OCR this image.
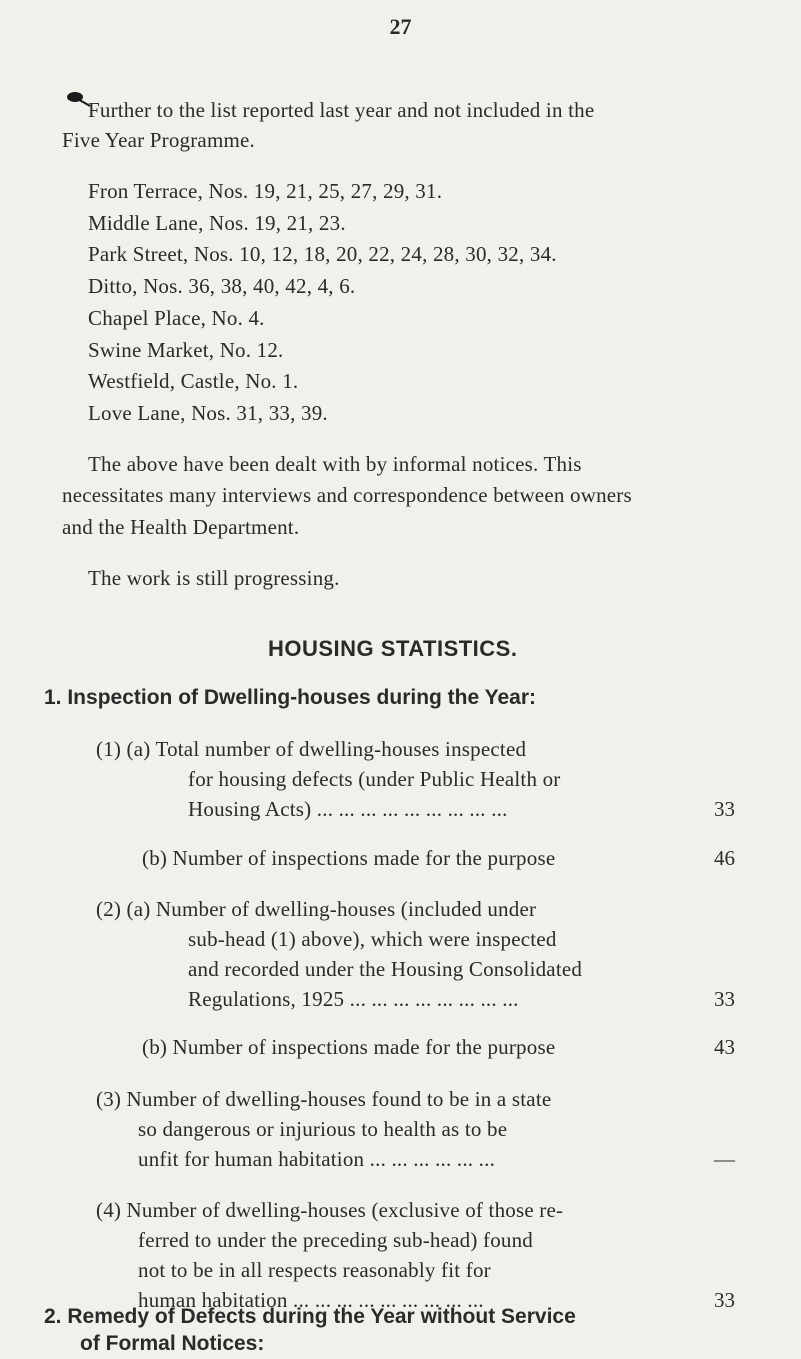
27
Further to the list reported last year and not included in the
Five Year Programme.
Fron Terrace, Nos. 19, 21, 25, 27, 29, 31.
Middle Lane, Nos. 19, 21, 23.
Park Street, Nos. 10, 12, 18, 20, 22, 24, 28, 30, 32, 34.
Ditto, Nos. 36, 38, 40, 42, 4, 6.
Chapel Place, No. 4.
Swine Market, No. 12.
Westfield, Castle, No. 1.
Love Lane, Nos. 31, 33, 39.
The above have been dealt with by informal notices. This
necessitates many interviews and correspondence between owners
and the Health Department.
The work is still progressing.
HOUSING STATISTICS.
1. Inspection of Dwelling-houses during the Year:
(1) (a) Total number of dwelling-houses inspected
for housing defects (under Public Health or
Housing Acts) ... ... ... ... ... ... ... ... ...	33
(b) Number of inspections made for the purpose	46
(2) (a) Number of dwelling-houses (included under
sub-head (1) above), which were inspected
and recorded under the Housing Consolidated
Regulations, 1925 ... ... ... ... ... ... ... ...	33
(b) Number of inspections made for the purpose	43
(3) Number of dwelling-houses found to be in a state
so dangerous or injurious to health as to be
unfit for human habitation ... ... ... ... ... ...	—
(4) Number of dwelling-houses (exclusive of those re-
ferred to under the preceding sub-head) found
not to be in all respects reasonably fit for
human habitation ... ... ... ... ... ... ... ... ...	33
2. Remedy of Defects during the Year without Service
of Formal Notices:
